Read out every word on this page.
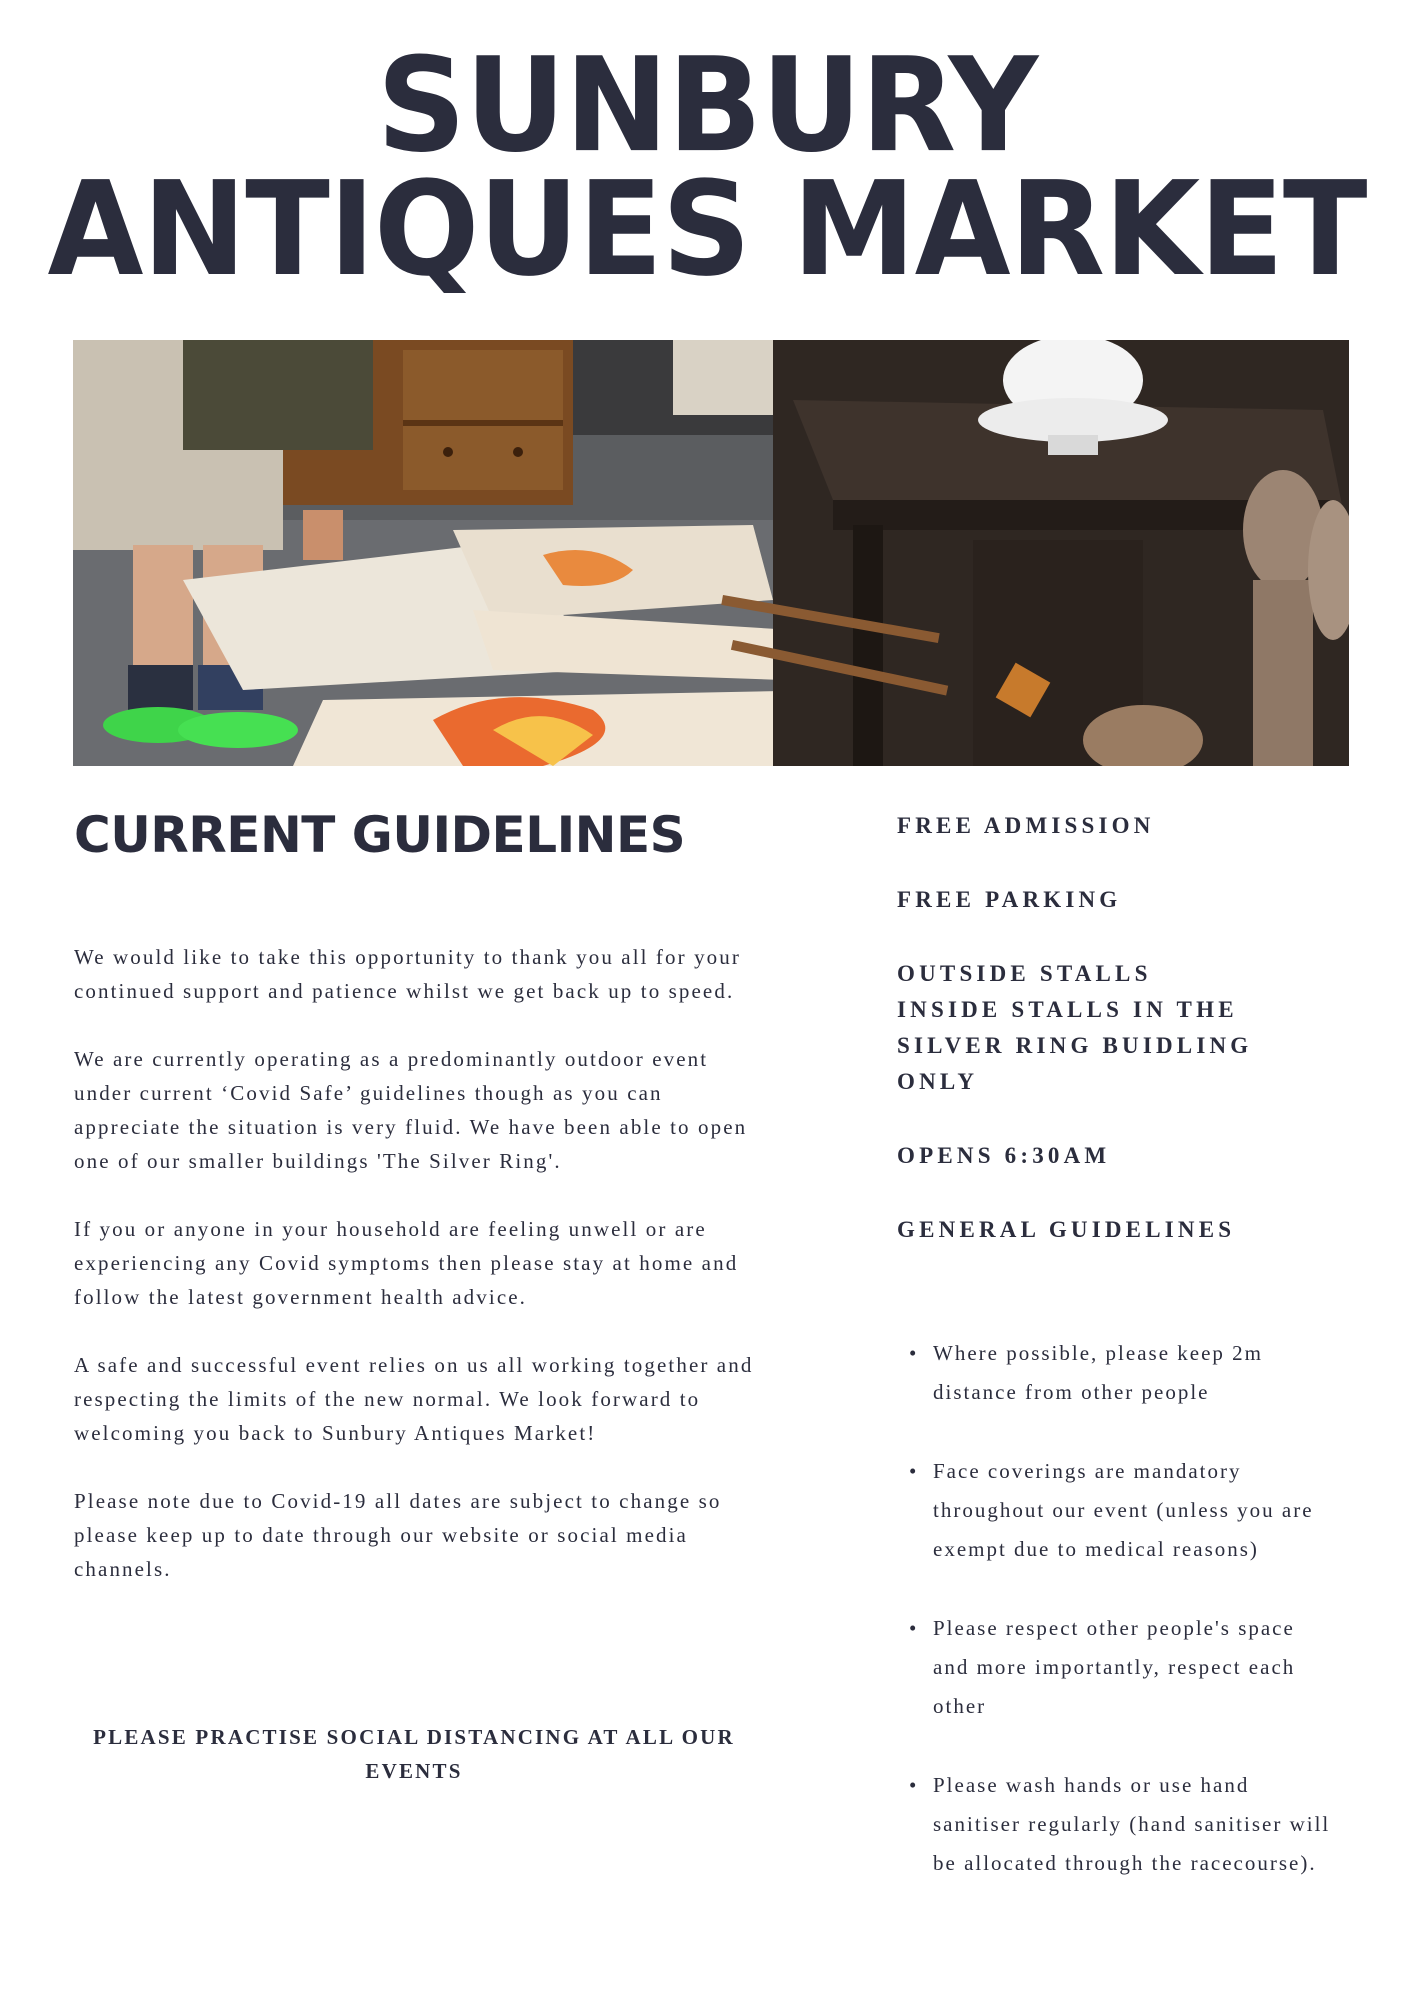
SUNBURY
ANTIQUES MARKET
CURRENT GUIDELINES

We would like to take this opportunity to thank you all for your continued support and patience whilst we get back up to speed.

We are currently operating as a predominantly outdoor event under current ‘Covid Safe’ guidelines though as you can appreciate the situation is very fluid. We have been able to open one of our smaller buildings 'The Silver Ring'.

If you or anyone in your household are feeling unwell or are experiencing any Covid symptoms then please stay at home and follow the latest government health advice.

A safe and successful event relies on us all working together and respecting the limits of the new normal. We look forward to welcoming you back to Sunbury Antiques Market!

Please note due to Covid-19 all dates are subject to change so please keep up to date through our website or social media channels.

PLEASE PRACTISE SOCIAL DISTANCING AT ALL OUR EVENTS

FREE ADMISSION

FREE PARKING

OUTSIDE STALLS
INSIDE STALLS IN THE SILVER RING BUIDLING ONLY

OPENS 6:30AM

GENERAL GUIDELINES

• Where possible, please keep 2m distance from other people
• Face coverings are mandatory throughout our event (unless you are exempt due to medical reasons)
• Please respect other people's space and more importantly, respect each other
• Please wash hands or use hand sanitiser regularly (hand sanitiser will be allocated through the racecourse).
